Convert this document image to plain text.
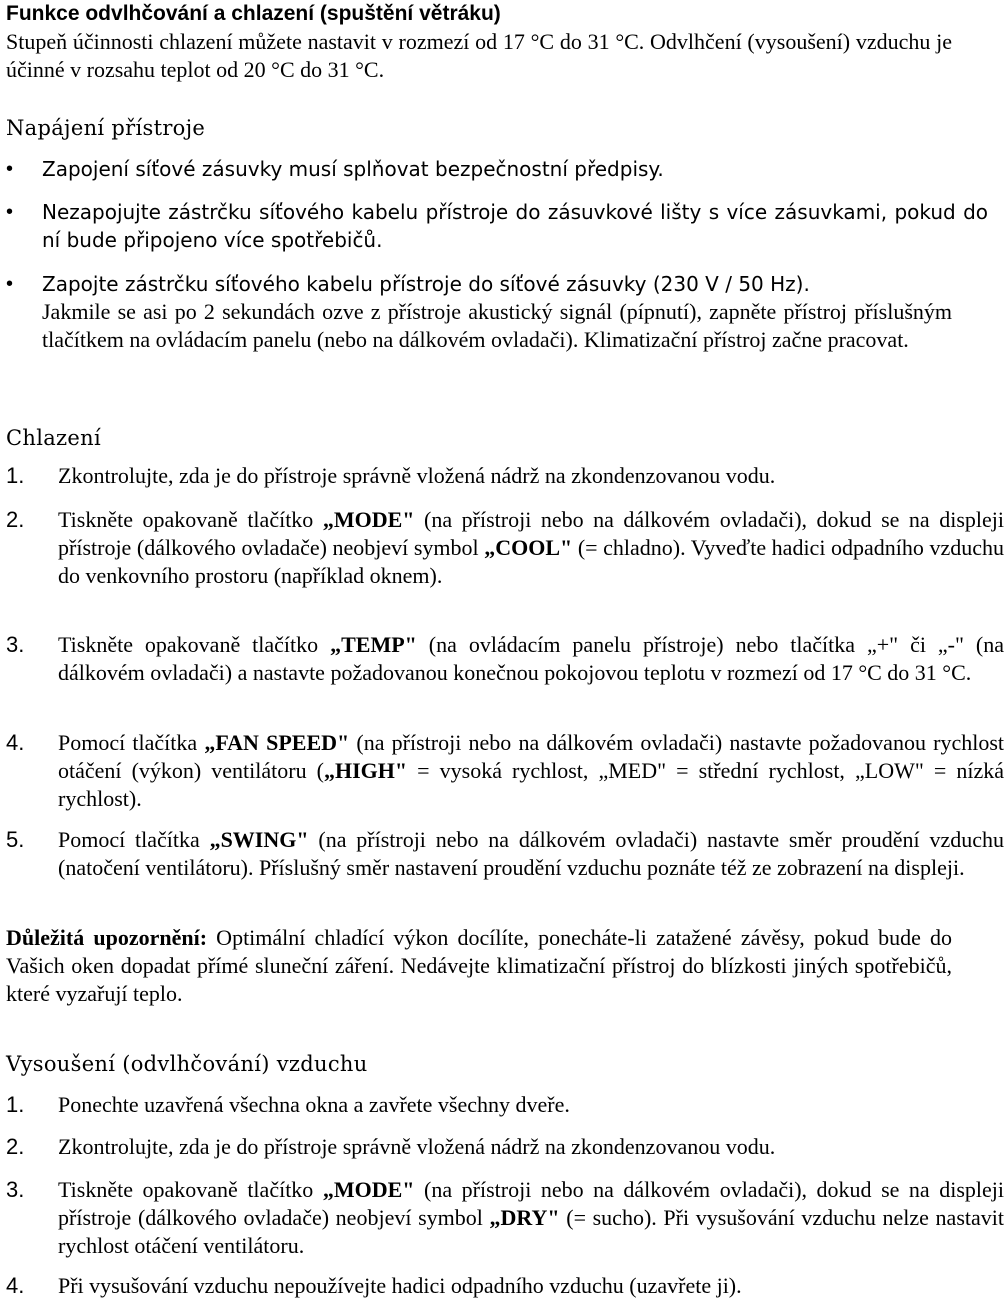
Funkce odvlhčování a chlazení (spuštění větráku)
Stupeň účinnosti chlazení můžete nastavit v rozmezí od 17 °C do 31 °C. Odvlhčení (vysoušení) vzduchu je účinné v rozsahu teplot od 20 °C do 31 °C.
Napájení přístroje
• Zapojení síťové zásuvky musí splňovat bezpečnostní předpisy.
• Nezapojujte zástrčku síťového kabelu přístroje do zásuvkové lišty s více zásuvkami, pokud do ní bude připojeno více spotřebičů.
• Zapojte zástrčku síťového kabelu přístroje do síťové zásuvky (230 V / 50 Hz).
Jakmile se asi po 2 sekundách ozve z přístroje akustický signál (pípnutí), zapněte přístroj příslušným tlačítkem na ovládacím panelu (nebo na dálkovém ovladači). Klimatizační přístroj začne pracovat.
Chlazení
1. Zkontrolujte, zda je do přístroje správně vložená nádrž na zkondenzovanou vodu.
2. Tiskněte opakovaně tlačítko „MODE" (na přístroji nebo na dálkovém ovladači), dokud se na displeji přístroje (dálkového ovladače) neobjeví symbol „COOL" (= chladno). Vyveďte hadici odpadního vzduchu do venkovního prostoru (například oknem).
3. Tiskněte opakovaně tlačítko „TEMP" (na ovládacím panelu přístroje) nebo tlačítka „+" či „-" (na dálkovém ovladači) a nastavte požadovanou konečnou pokojovou teplotu v rozmezí od 17 °C do 31 °C.
4. Pomocí tlačítka „FAN SPEED" (na přístroji nebo na dálkovém ovladači) nastavte požadovanou rychlost otáčení (výkon) ventilátoru („HIGH" = vysoká rychlost, „MED" = střední rychlost, „LOW" = nízká rychlost).
5. Pomocí tlačítka „SWING" (na přístroji nebo na dálkovém ovladači) nastavte směr proudění vzduchu (natočení ventilátoru). Příslušný směr nastavení proudění vzduchu poznáte též ze zobrazení na displeji.
Důležitá upozornění: Optimální chladící výkon docílíte, ponecháte-li zatažené závěsy, pokud bude do Vašich oken dopadat přímé sluneční záření. Nedávejte klimatizační přístroj do blízkosti jiných spotřebičů, které vyzařují teplo.
Vysoušení (odvlhčování) vzduchu
1. Ponechte uzavřená všechna okna a zavřete všechny dveře.
2. Zkontrolujte, zda je do přístroje správně vložená nádrž na zkondenzovanou vodu.
3. Tiskněte opakovaně tlačítko „MODE" (na přístroji nebo na dálkovém ovladači), dokud se na displeji přístroje (dálkového ovladače) neobjeví symbol „DRY" (= sucho). Při vysušování vzduchu nelze nastavit rychlost otáčení ventilátoru.
4. Při vysušování vzduchu nepoužívejte hadici odpadního vzduchu (uzavřete ji).
